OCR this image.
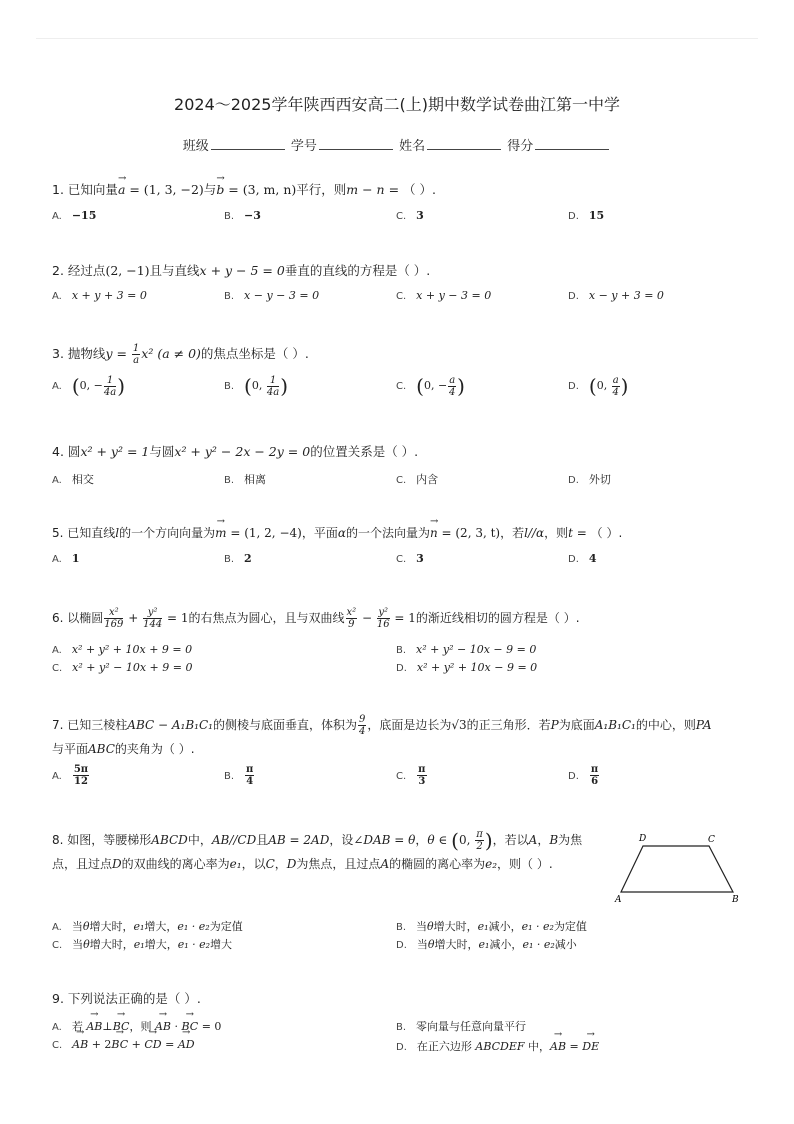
2024～2025学年陕西西安高二(上)期中数学试卷曲江第一中学
班级	学号	姓名	得分
1. 已知向量→ a = (1, 3, −2)与→ b = (3, m, n)平行，则m − n = （ ）.
A. −15	B. −3	C. 3	D. 15
2. 经过点(2, −1)且与直线x + y − 5 = 0垂直的直线的方程是（ ）.
A. x + y + 3 = 0	B. x − y − 3 = 0	C. x + y − 3 = 0	D. x − y + 3 = 0
3. 抛物线$y = \frac{1}{a} x^2$ (a ≠ 0)的焦点坐标是（ ）.
A. (0, − $\frac{1}{4a}$ )	B. (0, $\frac{1}{4a}$ )	C. (0, − $\frac{a}{4}$ )	D. (0, $\frac{a}{4}$ )
4. 圆x² + y² = 1与圆x² + y² − 2x − 2y = 0的位置关系是（ ）.
A. 相交	B. 相离	C. 内含	D. 外切
5. 已知直线l的一个方向向量为→ m = (1, 2, −4)，平面α的一个法向量为→ n = (2, 3, t)，若l//α，则t = （ ）.
A. 1	B. 2	C. 3	D. 4
6. 以椭圆 $\frac{\text{x²}}{169} + \frac{\text{y²}}{144} = 1$的右焦点为圆心，且与双曲线 $\frac{\text{x²}}{9} - \frac{\text{y²}}{16} = 1$的渐近线相切的圆方程是（ ）.
A. x² + y² + 10x + 9 = 0	B. x² + y² − 10x − 9 = 0
C. x² + y² − 10x + 9 = 0	D. x² + y² + 10x − 9 = 0
7. 已知三棱柱ABC − A₁B₁C₁的侧棱与底面垂直，体积为 $\frac{9}{4}$ ，底面是边长为√3的正三角形．若P为底面A₁B₁C₁的中心，则PA
与平面ABC的夹角为（ ）.
A. $\frac{5\pi}{12}$	B. $\frac{\pi}{4}$	C. $\frac{\pi}{3}$	D. $\frac{\pi}{6}$
8. 如图，等腰梯形ABCD中，AB//CD且AB = 2AD，设∠DAB = θ，θ ∈ (0, $\frac{\pi}{2}$ )，若以A，B为焦
点，且过点D的双曲线的离心率为e₁，以C，D为焦点，且过点A的椭圆的离心率为e₂，则（ ）.
D	C
A	B
A. 当θ增大时，e₁增大，e₁ · e₂为定值	B. 当θ增大时，e₁减小，e₁ · e₂为定值
C. 当θ增大时，e₁增大，e₁ · e₂增大	D. 当θ增大时，e₁减小，e₁ · e₂减小
9. 下列说法正确的是（ ）.
A. 若 → AB⊥→ BC，则 → AB · → BC = 0	B. 零向量与任意向量平行
C.→ AB + 2→ BC + → CD = → AD	D. 在正六边形 ABCDEF 中，→ AB = → DE
